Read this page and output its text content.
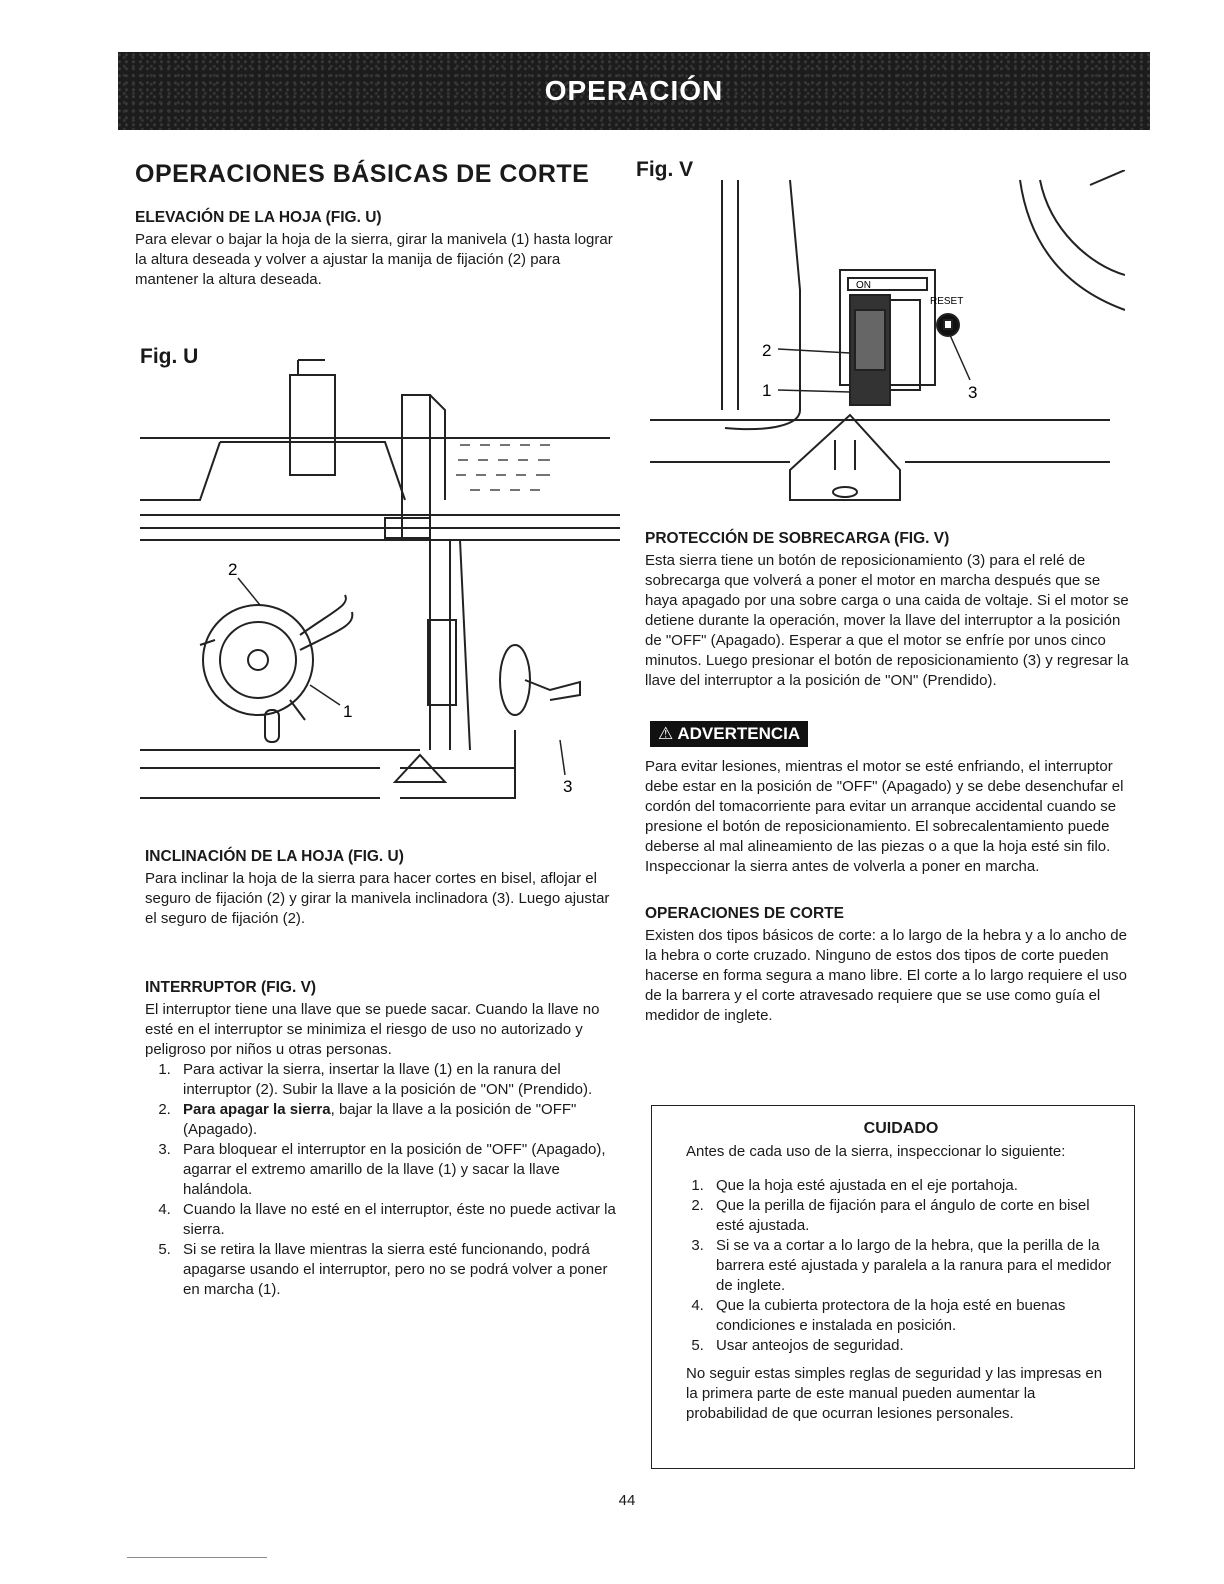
OPERACIÓN
OPERACIONES BÁSICAS DE CORTE
ELEVACIÓN DE LA HOJA (FIG. U)

Para elevar o bajar la hoja de la sierra, girar la manivela (1) hasta lograr la altura deseada y volver a ajustar la manija de fijación (2) para mantener la altura deseada.

Fig. U
2
1
3
INCLINACIÓN DE LA HOJA (FIG. U)

Para inclinar la hoja de la sierra para hacer cortes en bisel, aflojar el seguro de fijación (2) y girar la manivela inclinadora (3). Luego ajustar el seguro de fijación (2).

INTERRUPTOR (FIG. V)

El interruptor tiene una llave que se puede sacar. Cuando la llave no esté en el interruptor se minimiza el riesgo de uso no autorizado y peligroso por niños u otras personas.

1. Para activar la sierra, insertar la llave (1) en la ranura del interruptor (2). Subir la llave a la posición de "ON" (Prendido).
2. Para apagar la sierra, bajar la llave a la posición de "OFF" (Apagado).
3. Para bloquear el interruptor en la posición de "OFF" (Apagado), agarrar el extremo amarillo de la llave (1) y sacar la llave halándola.
4. Cuando la llave no esté en el interruptor, éste no puede activar la sierra.
5. Si se retira la llave mientras la sierra esté funcionando, podrá apagarse usando el interruptor, pero no se podrá volver a poner en marcha (1).
Fig. V
ON
RESET
2
1	3
PROTECCIÓN DE SOBRECARGA (FIG. V)

Esta sierra tiene un botón de reposicionamiento (3) para el relé de sobrecarga que volverá a poner el motor en marcha después que se haya apagado por una sobre carga o una caida de voltaje. Si el motor se detiene durante la operación, mover la llave del interruptor a la posición de "OFF" (Apagado). Esperar a que el motor se enfríe por unos cinco minutos. Luego presionar el botón de reposicionamiento (3) y regresar la llave del interruptor a la posición de "ON" (Prendido).

⚠ ADVERTENCIA

Para evitar lesiones, mientras el motor se esté enfriando, el interruptor debe estar en la posición de "OFF" (Apagado) y se debe desenchufar el cordón del tomacorriente para evitar un arranque accidental cuando se presione el botón de reposicionamiento. El sobrecalentamiento puede deberse al mal alineamiento de las piezas o a que la hoja esté sin filo. Inspeccionar la sierra antes de volverla a poner en marcha.

OPERACIONES DE CORTE

Existen dos tipos básicos de corte: a lo largo de la hebra y a lo ancho de la hebra o corte cruzado. Ninguno de estos dos tipos de corte pueden hacerse en forma segura a mano libre. El corte a lo largo requiere el uso de la barrera y el corte atravesado requiere que se use como guía el medidor de inglete.

CUIDADO

Antes de cada uso de la sierra, inspeccionar lo siguiente:

1. Que la hoja esté ajustada en el eje portahoja.
2. Que la perilla de fijación para el ángulo de corte en bisel esté ajustada.
3. Si se va a cortar a lo largo de la hebra, que la perilla de la barrera esté ajustada y paralela a la ranura para el medidor de inglete.
4. Que la cubierta protectora de la hoja esté en buenas condiciones e instalada en posición.
5. Usar anteojos de seguridad.

No seguir estas simples reglas de seguridad y las impresas en la primera parte de este manual pueden aumentar la probabilidad de que ocurran lesiones personales.

44
